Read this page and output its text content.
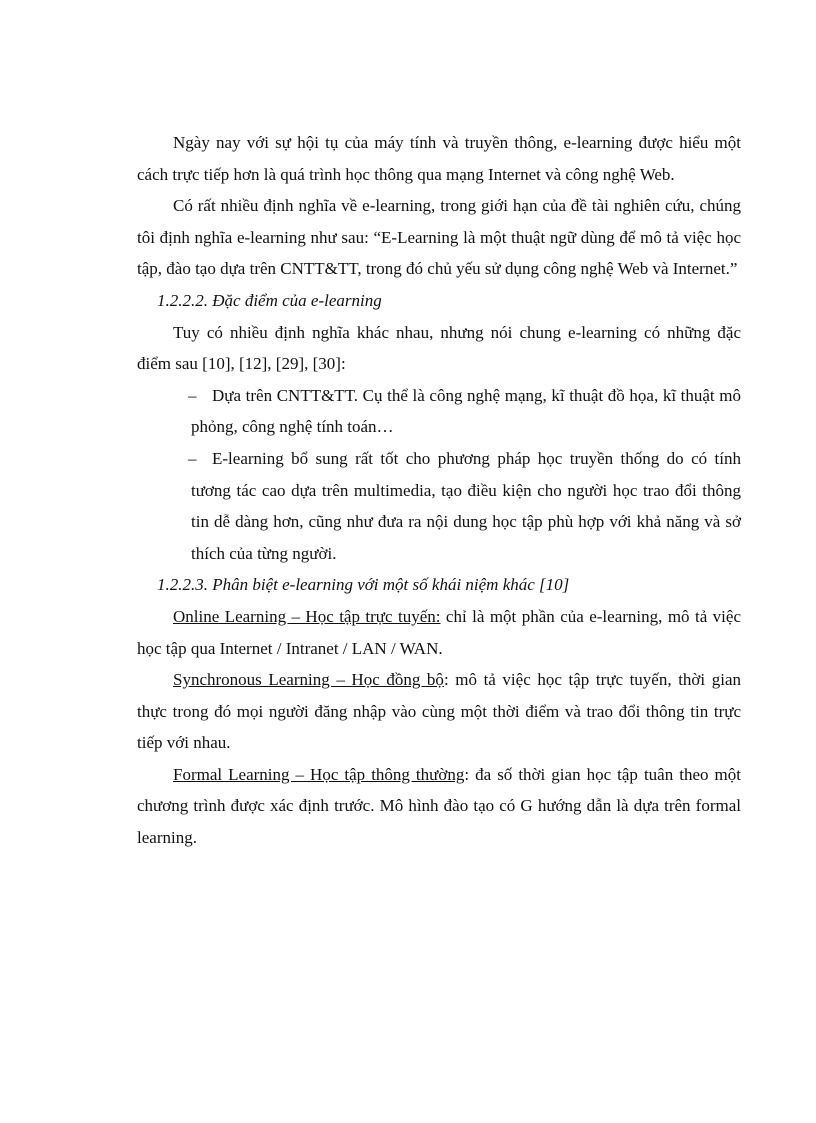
Ngày nay với sự hội tụ của máy tính và truyền thông, e-learning được hiểu một cách trực tiếp hơn là quá trình học thông qua mạng Internet và công nghệ Web.

Có rất nhiều định nghĩa về e-learning, trong giới hạn của đề tài nghiên cứu, chúng tôi định nghĩa e-learning như sau: “E-Learning là một thuật ngữ dùng để mô tả việc học tập, đào tạo dựa trên CNTT&TT, trong đó chủ yếu sử dụng công nghệ Web và Internet.”

1.2.2.2. Đặc điểm của e-learning

Tuy có nhiều định nghĩa khác nhau, nhưng nói chung e-learning có những đặc điểm sau [10], [12], [29], [30]:

– Dựa trên CNTT&TT. Cụ thể là công nghệ mạng, kĩ thuật đồ họa, kĩ thuật mô phỏng, công nghệ tính toán…
– E-learning bổ sung rất tốt cho phương pháp học truyền thống do có tính tương tác cao dựa trên multimedia, tạo điều kiện cho người học trao đổi thông tin dễ dàng hơn, cũng như đưa ra nội dung học tập phù hợp với khả năng và sở thích của từng người.
1.2.2.3. Phân biệt e-learning với một số khái niệm khác [10]

Online Learning – Học tập trực tuyến: chỉ là một phần của e-learning, mô tả việc học tập qua Internet / Intranet / LAN / WAN.

Synchronous Learning – Học đồng bộ: mô tả việc học tập trực tuyến, thời gian thực trong đó mọi người đăng nhập vào cùng một thời điểm và trao đổi thông tin trực tiếp với nhau.

Formal Learning – Học tập thông thường: đa số thời gian học tập tuân theo một chương trình được xác định trước. Mô hình đào tạo có G hướng dẫn là dựa trên formal learning.
